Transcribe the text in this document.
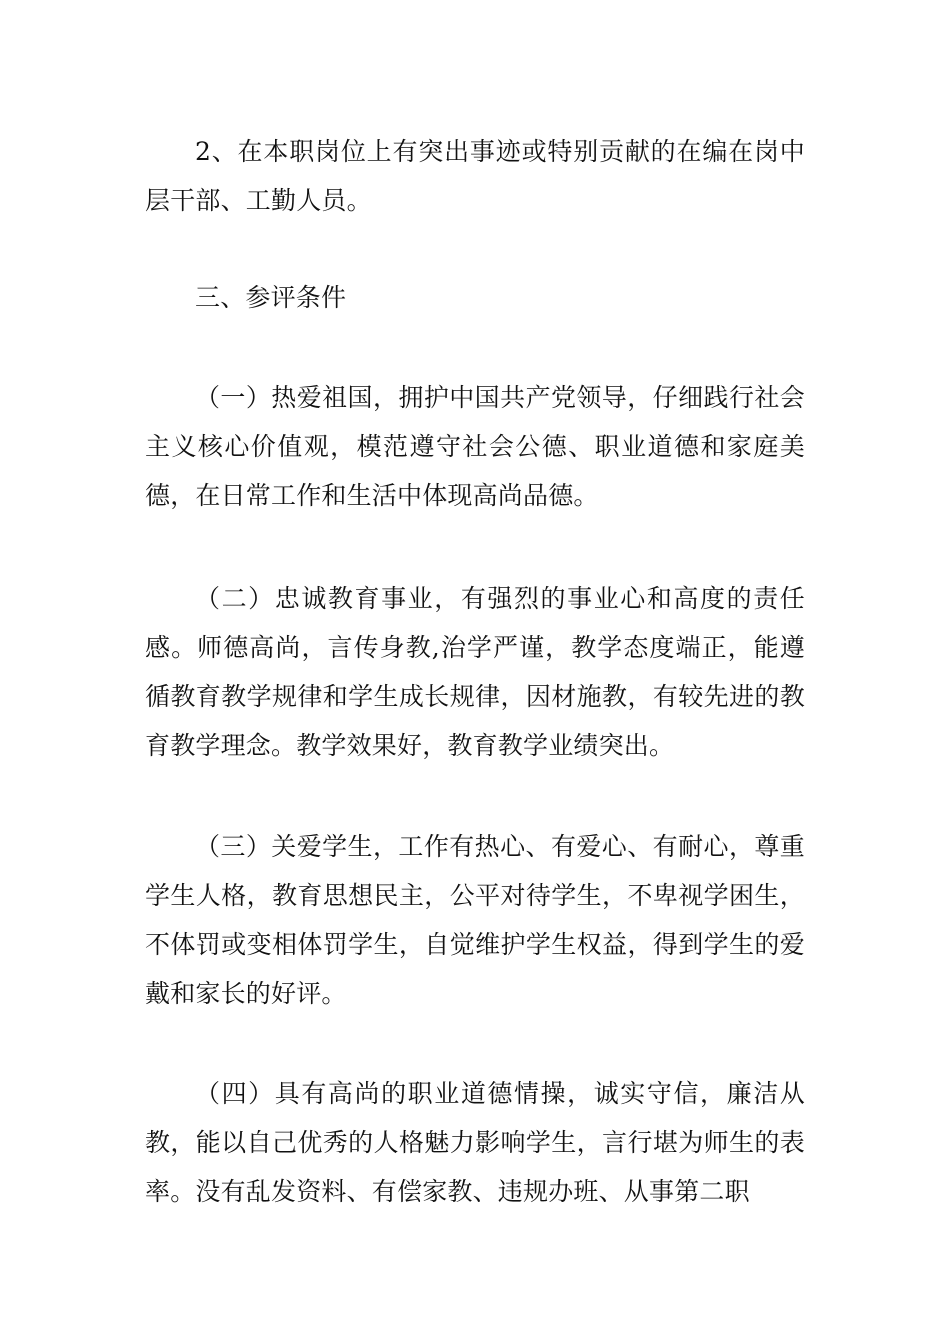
2、在本职岗位上有突出事迹或特别贡献的在编在岗中层干部、工勤人员。

三、参评条件

（一）热爱祖国，拥护中国共产党领导，仔细践行社会主义核心价值观，模范遵守社会公德、职业道德和家庭美德，在日常工作和生活中体现高尚品德。

（二）忠诚教育事业，有强烈的事业心和高度的责任感。师德高尚，言传身教,治学严谨，教学态度端正，能遵循教育教学规律和学生成长规律，因材施教，有较先进的教育教学理念。教学效果好，教育教学业绩突出。

（三）关爱学生，工作有热心、有爱心、有耐心，尊重学生人格，教育思想民主，公平对待学生，不卑视学困生，不体罚或变相体罚学生，自觉维护学生权益，得到学生的爱戴和家长的好评。

（四）具有高尚的职业道德情操，诚实守信，廉洁从教，能以自己优秀的人格魅力影响学生，言行堪为师生的表率。没有乱发资料、有偿家教、违规办班、从事第二职
